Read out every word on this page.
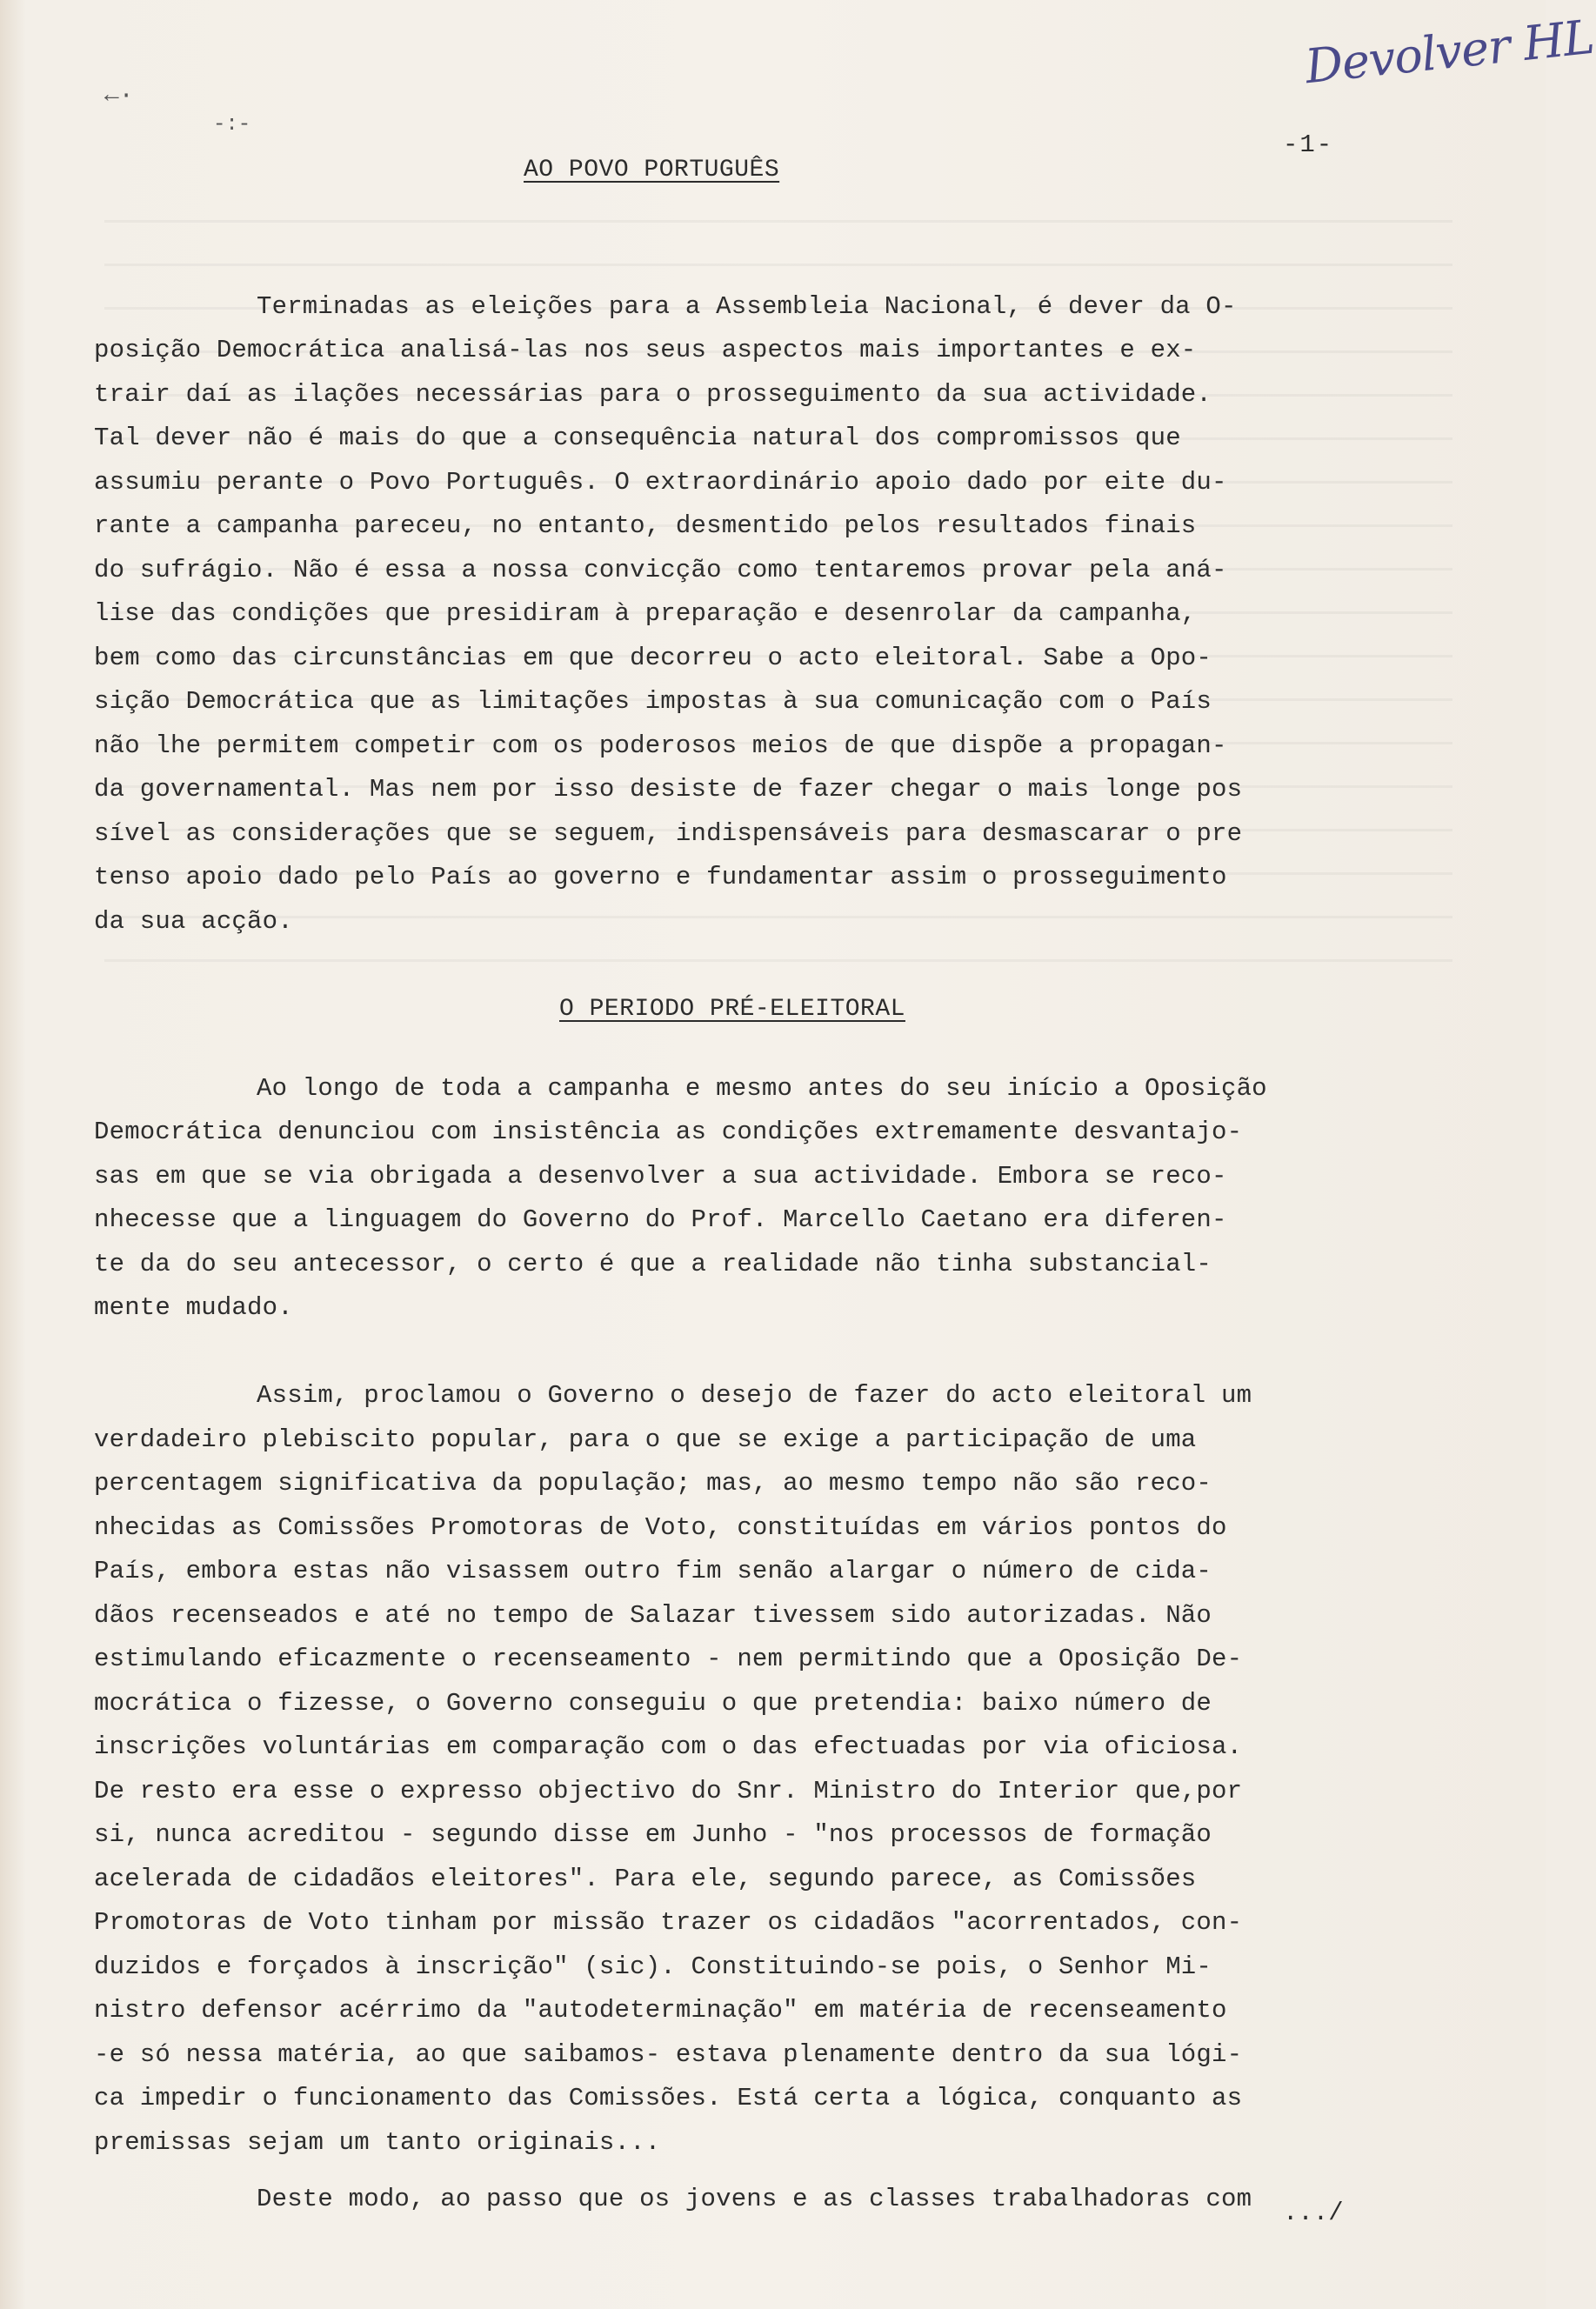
Devolver HL
←·
-:-
-1-
AO POVO PORTUGUÊS
Terminadas as eleições para a Assembleia Nacional, é dever da O-
posição Democrática analisá-las nos seus aspectos mais importantes e ex-
trair daí as ilações necessárias para o prosseguimento da sua actividade.
Tal dever não é mais do que a consequência natural dos compromissos que
assumiu perante o Povo Português. O extraordinário apoio dado por eite du-
rante a campanha pareceu, no entanto, desmentido pelos resultados finais
do sufrágio. Não é essa a nossa convicção como tentaremos provar pela aná-
lise das condições que presidiram à preparação e desenrolar da campanha,
bem como das circunstâncias em que decorreu o acto eleitoral. Sabe a Opo-
sição Democrática que as limitações impostas à sua comunicação com o País
não lhe permitem competir com os poderosos meios de que dispõe a propagan-
da governamental. Mas nem por isso desiste de fazer chegar o mais longe pos
sível as considerações que se seguem, indispensáveis para desmascarar o pre
tenso apoio dado pelo País ao governo e fundamentar assim o prosseguimento
da sua acção.
O PERIODO PRÉ-ELEITORAL
Ao longo de toda a campanha e mesmo antes do seu início a Oposição
Democrática denunciou com insistência as condições extremamente desvantajo-
sas em que se via obrigada a desenvolver a sua actividade. Embora se reco-
nhecesse que a linguagem do Governo do Prof. Marcello Caetano era diferen-
te da do seu antecessor, o certo é que a realidade não tinha substancial-
mente mudado.
Assim, proclamou o Governo o desejo de fazer do acto eleitoral um
verdadeiro plebiscito popular, para o que se exige a participação de uma
percentagem significativa da população; mas, ao mesmo tempo não são reco-
nhecidas as Comissões Promotoras de Voto, constituídas em vários pontos do
País, embora estas não visassem outro fim senão alargar o número de cida-
dãos recenseados e até no tempo de Salazar tivessem sido autorizadas. Não
estimulando eficazmente o recenseamento - nem permitindo que a Oposição De-
mocrática o fizesse, o Governo conseguiu o que pretendia: baixo número de
inscrições voluntárias em comparação com o das efectuadas por via oficiosa.
De resto era esse o expresso objectivo do Snr. Ministro do Interior que,por
si, nunca acreditou - segundo disse em Junho - "nos processos de formação
acelerada de cidadãos eleitores". Para ele, segundo parece, as Comissões
Promotoras de Voto tinham por missão trazer os cidadãos "acorrentados, con-
duzidos e forçados à inscrição" (sic). Constituindo-se pois, o Senhor Mi-
nistro defensor acérrimo da "autodeterminação" em matéria de recenseamento
-e só nessa matéria, ao que saibamos- estava plenamente dentro da sua lógi-
ca impedir o funcionamento das Comissões. Está certa a lógica, conquanto as
premissas sejam um tanto originais...
Deste modo, ao passo que os jovens e as classes trabalhadoras com .../
